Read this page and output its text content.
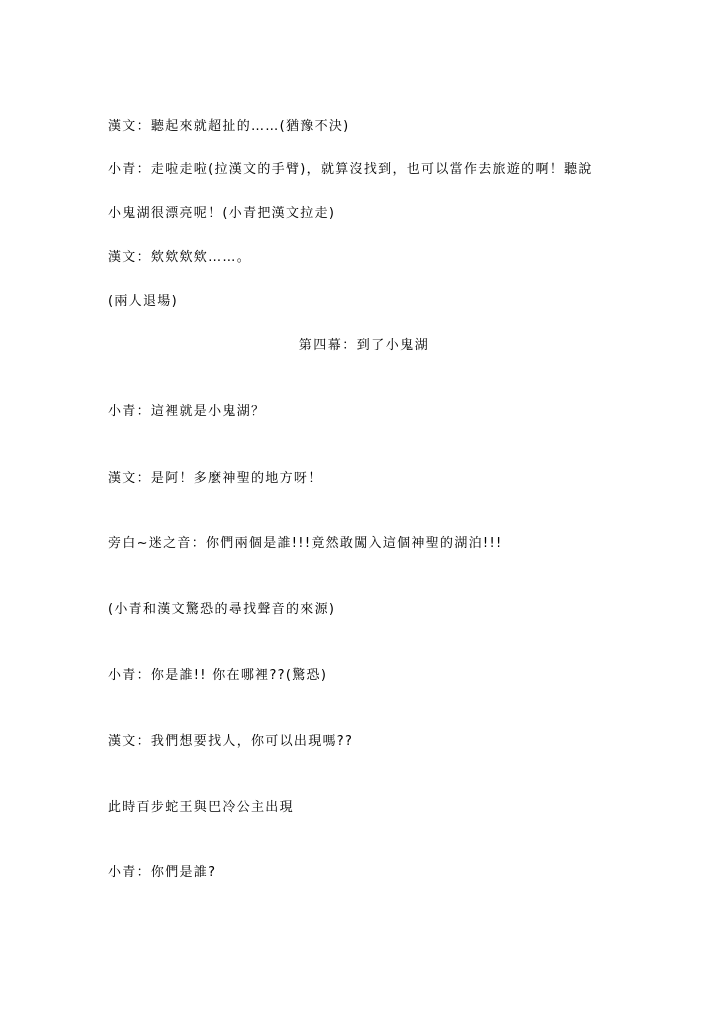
漢文：聽起來就超扯的……(猶豫不決)
小青：走啦走啦(拉漢文的手臂)，就算沒找到，也可以當作去旅遊的啊！聽說
小鬼湖很漂亮呢！(小青把漢文拉走)
漢文：欸欸欸欸……。
(兩人退場)
第四幕：到了小鬼湖
小青：這裡就是小鬼湖？
漢文：是阿！多麼神聖的地方呀！
旁白~迷之音：你們兩個是誰!!!竟然敢闖入這個神聖的湖泊!!!
(小青和漢文驚恐的尋找聲音的來源)
小青：你是誰!! 你在哪裡??(驚恐)
漢文：我們想要找人，你可以出現嗎??
此時百步蛇王與巴冷公主出現
小青：你們是誰?
